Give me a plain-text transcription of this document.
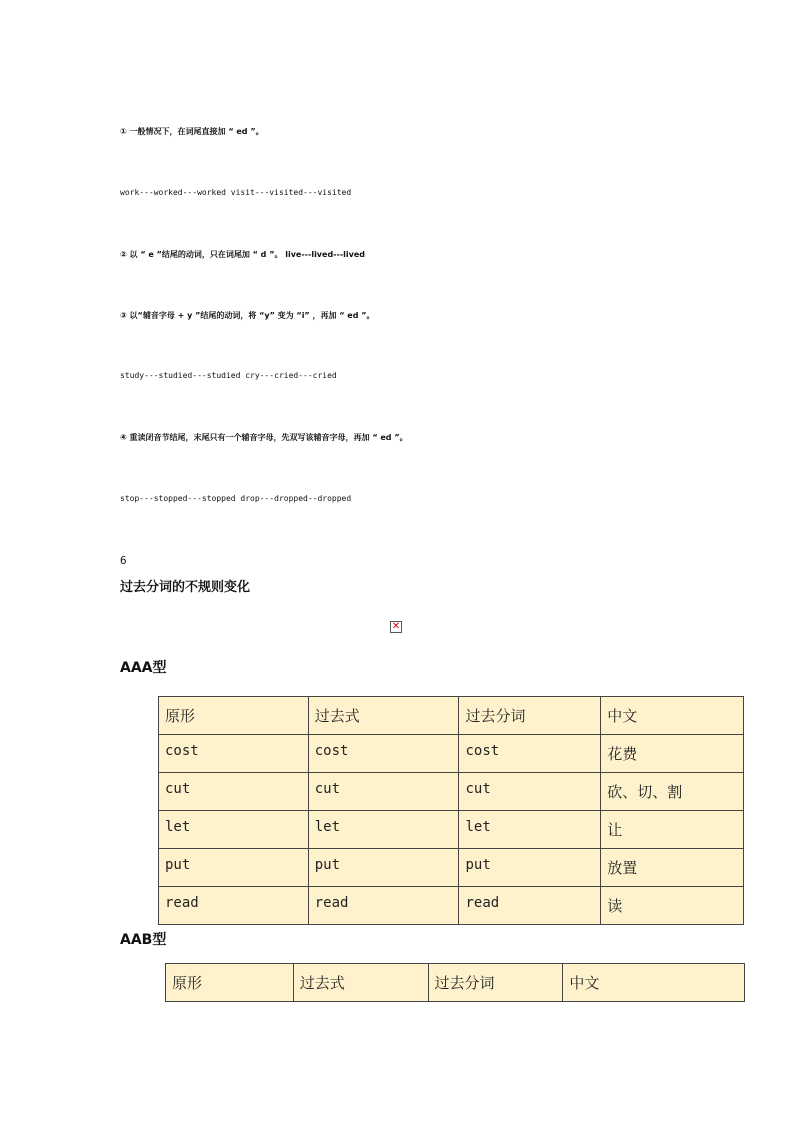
① 一般情况下，在词尾直接加 “ ed ”。
work---worked---worked visit---visited---visited
② 以 “ e ”结尾的动词，只在词尾加 “ d ”。 live---lived---lived
③ 以“辅音字母 + y ”结尾的动词，将 “y” 变为 “i” ，再加 “ ed ”。
study---studied---studied cry---cried---cried
④ 重读闭音节结尾，末尾只有一个辅音字母，先双写该辅音字母，再加 “ ed ”。
stop---stopped---stopped drop---dropped--dropped
6
过去分词的不规则变化
✕
AAA型
原形	过去式	过去分词	中文
cost	cost	cost	花费
cut	cut	cut	砍、切、割
let	let	let	让
put	put	put	放置
read	read	read	读
AAB型
原形	过去式	过去分词	中文
